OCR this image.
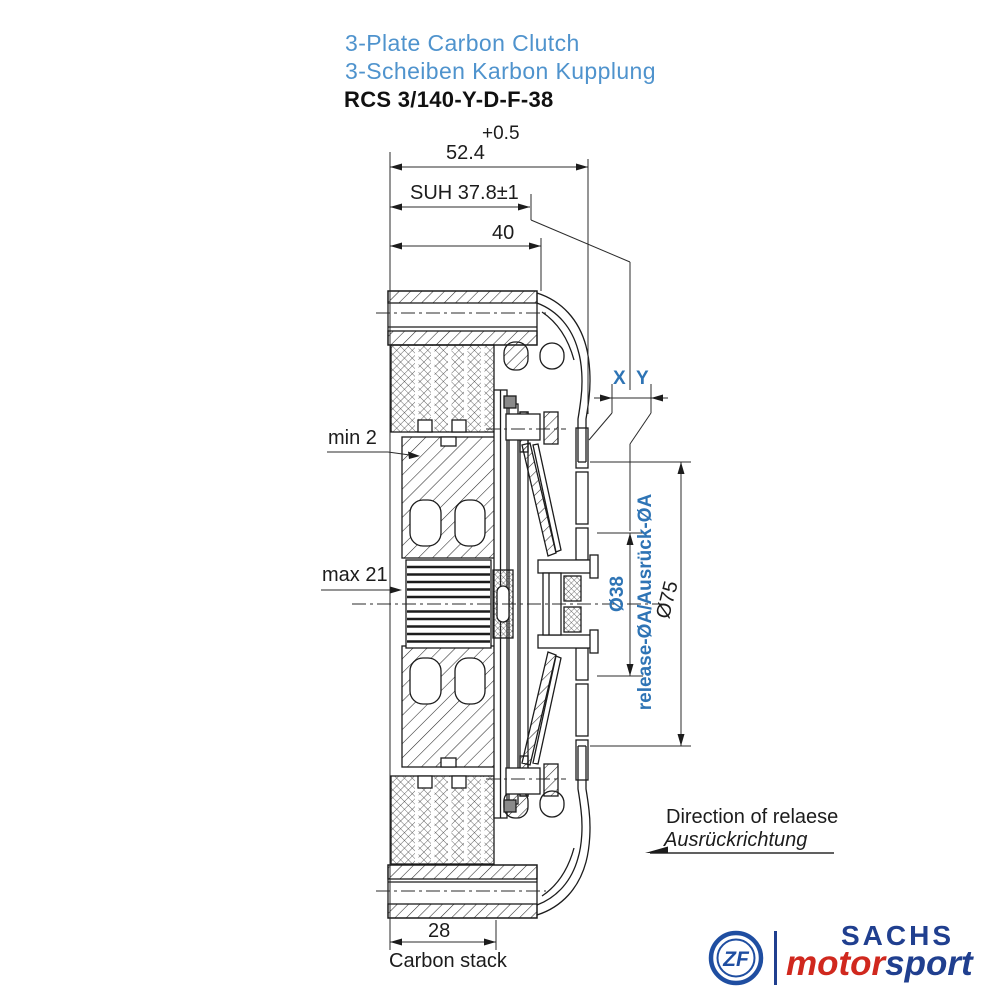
ZF
3-Plate Carbon Clutch
3-Scheiben Karbon Kupplung
RCS 3/140-Y-D-F-38
+0.5
52.4
SUH 37.8±1
40
min 2
max 21
X Y
Ø38 release-ØA/Ausrück-ØA
Ø75
28
Carbon stack
Direction of relaese
Ausrückrichtung
SACHS
motorsport
